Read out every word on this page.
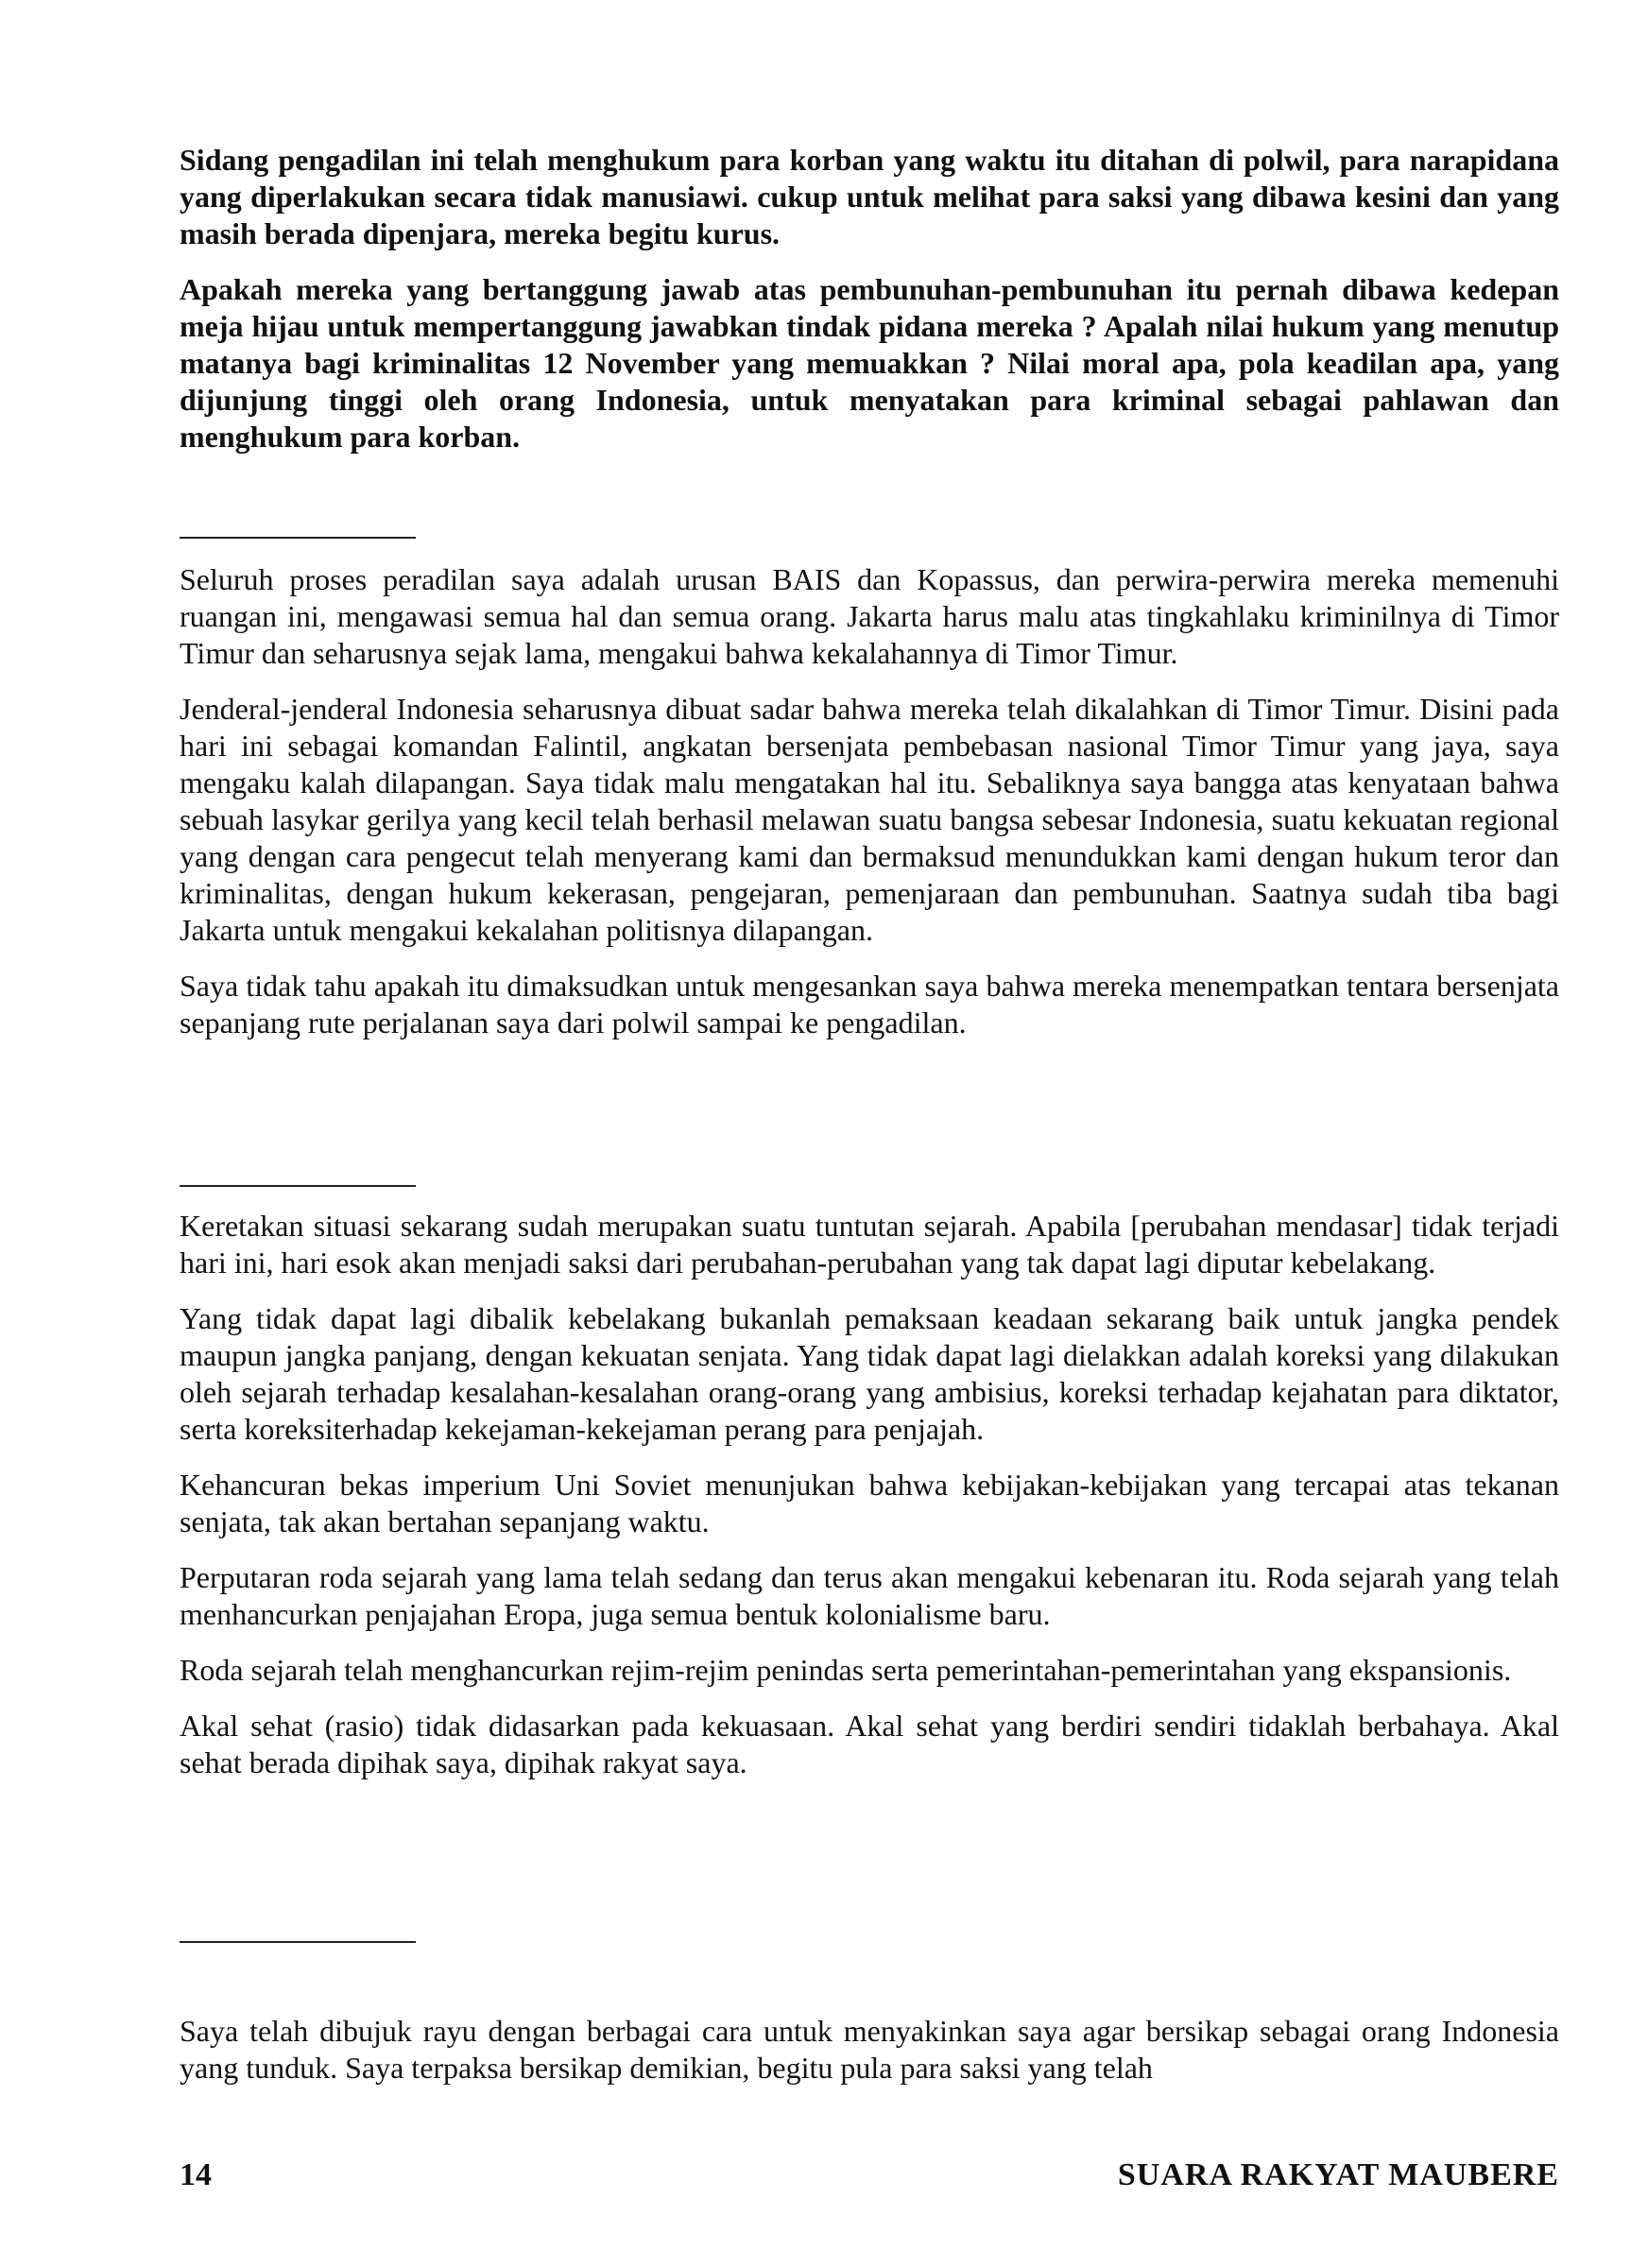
Sidang pengadilan ini telah menghukum para korban yang waktu itu ditahan di polwil, para narapidana yang diperlakukan secara tidak manusiawi. cukup untuk melihat para saksi yang dibawa kesini dan yang masih berada dipenjara, mereka begitu kurus.

Apakah mereka yang bertanggung jawab atas pembunuhan-pembunuhan itu pernah dibawa kedepan meja hijau untuk mempertanggung jawabkan tindak pidana mereka ? Apalah nilai hukum yang menutup matanya bagi kriminalitas 12 November yang memuakkan ? Nilai moral apa, pola keadilan apa, yang dijunjung tinggi oleh orang Indonesia, untuk menyatakan para kriminal sebagai pahlawan dan menghukum para korban.

Seluruh proses peradilan saya adalah urusan BAIS dan Kopassus, dan perwira-perwira mereka memenuhi ruangan ini, mengawasi semua hal dan semua orang. Jakarta harus malu atas tingkahlaku kriminilnya di Timor Timur dan seharusnya sejak lama, mengakui bahwa kekalahannya di Timor Timur.

Jenderal-jenderal Indonesia seharusnya dibuat sadar bahwa mereka telah dikalahkan di Timor Timur. Disini pada hari ini sebagai komandan Falintil, angkatan bersenjata pembebasan nasional Timor Timur yang jaya, saya mengaku kalah dilapangan. Saya tidak malu mengatakan hal itu. Sebaliknya saya bangga atas kenyataan bahwa sebuah lasykar gerilya yang kecil telah berhasil melawan suatu bangsa sebesar Indonesia, suatu kekuatan regional yang dengan cara pengecut telah menyerang kami dan bermaksud menundukkan kami dengan hukum teror dan kriminalitas, dengan hukum kekerasan, pengejaran, pemenjaraan dan pembunuhan. Saatnya sudah tiba bagi Jakarta untuk mengakui kekalahan politisnya dilapangan.

Saya tidak tahu apakah itu dimaksudkan untuk mengesankan saya bahwa mereka menempatkan tentara bersenjata sepanjang rute perjalanan saya dari polwil sampai ke pengadilan.

Keretakan situasi sekarang sudah merupakan suatu tuntutan sejarah. Apabila [perubahan mendasar] tidak terjadi hari ini, hari esok akan menjadi saksi dari perubahan-perubahan yang tak dapat lagi diputar kebelakang.

Yang tidak dapat lagi dibalik kebelakang bukanlah pemaksaan keadaan sekarang baik untuk jangka pendek maupun jangka panjang, dengan kekuatan senjata. Yang tidak dapat lagi dielakkan adalah koreksi yang dilakukan oleh sejarah terhadap kesalahan-kesalahan orang-orang yang ambisius, koreksi terhadap kejahatan para diktator, serta koreksiterhadap kekejaman-kekejaman perang para penjajah.

Kehancuran bekas imperium Uni Soviet menunjukan bahwa kebijakan-kebijakan yang tercapai atas tekanan senjata, tak akan bertahan sepanjang waktu.

Perputaran roda sejarah yang lama telah sedang dan terus akan mengakui kebenaran itu. Roda sejarah yang telah menhancurkan penjajahan Eropa, juga semua bentuk kolonialisme baru.

Roda sejarah telah menghancurkan rejim-rejim penindas serta pemerintahan-pemerintahan yang ekspansionis.

Akal sehat (rasio) tidak didasarkan pada kekuasaan. Akal sehat yang berdiri sendiri tidaklah berbahaya. Akal sehat berada dipihak saya, dipihak rakyat saya.

Saya telah dibujuk rayu dengan berbagai cara untuk menyakinkan saya agar bersikap sebagai orang Indonesia yang tunduk. Saya terpaksa bersikap demikian, begitu pula para saksi yang telah

14	SUARA RAKYAT MAUBERE
